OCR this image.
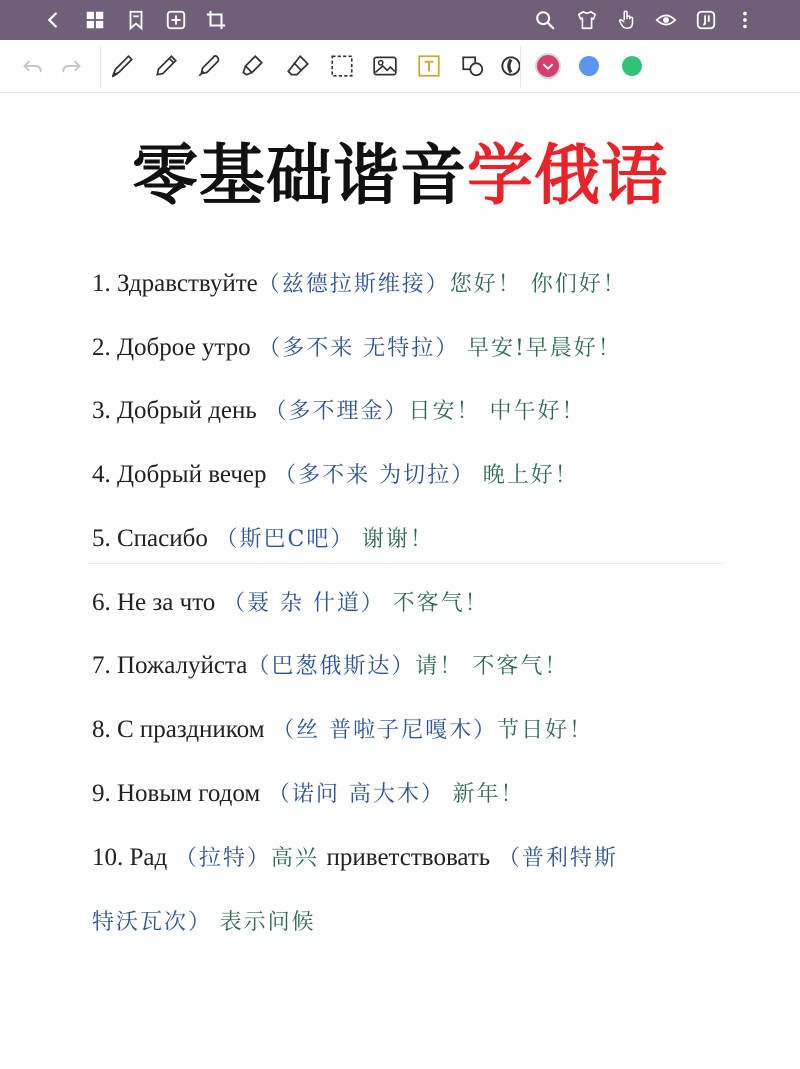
零基础谐音学俄语
1. Здравствуйте（兹德拉斯维接）您好！ 你们好！
2. Доброе утро （多不来 无特拉） 早安!早晨好！
3. Добрый день （多不理金）日安！ 中午好！
4. Добрый вечер （多不来 为切拉） 晚上好！
5. Спасибо （斯巴C吧） 谢谢！
6. Не за что （聂 杂 什道） 不客气！
7. Пожалуйста（巴葱俄斯达）请！ 不客气！
8. С праздником （丝 普啦子尼嘎木）节日好！
9. Новым годом （诺问 高大木） 新年！
10. Рад （拉特）高兴 приветствовать （普利特斯
特沃瓦次） 表示问候
